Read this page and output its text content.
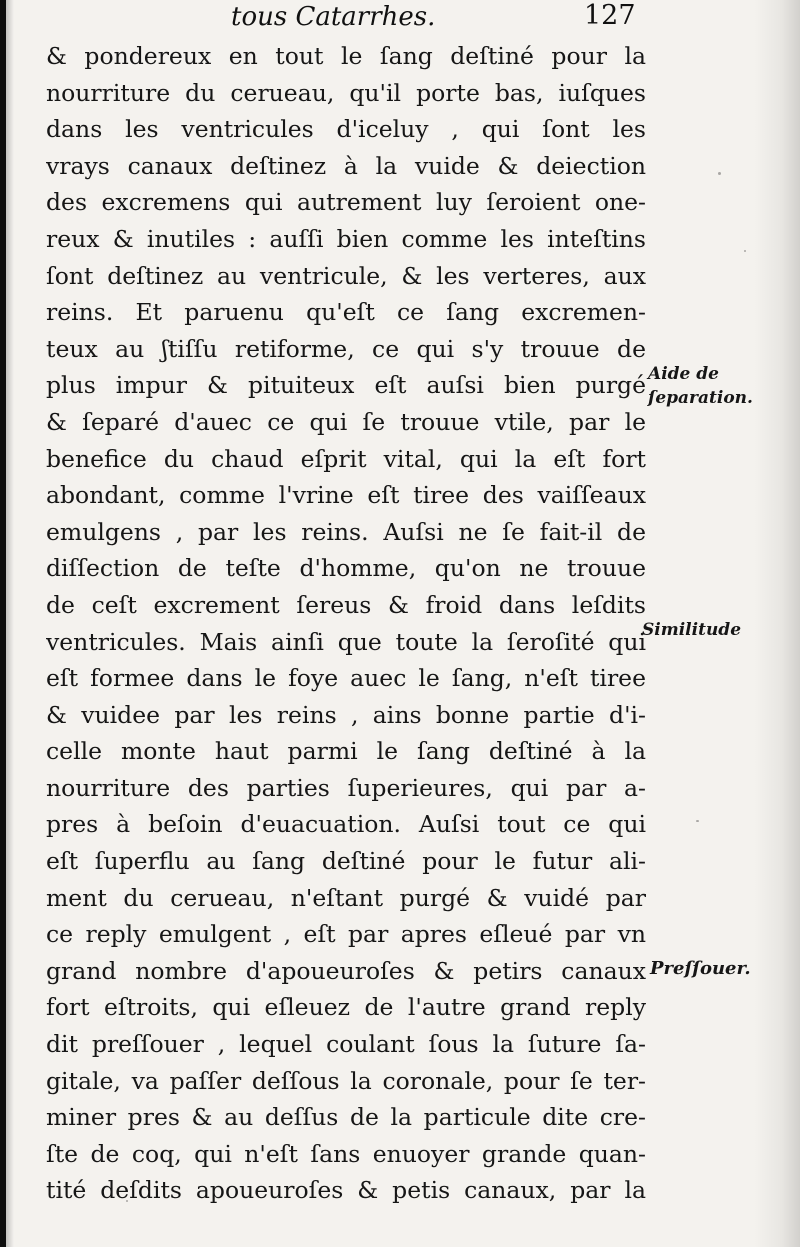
tous Catarrhes.	127
& pondereux en tout le ſang deſtiné pour la
nourriture du cerueau, qu'il porte bas, iuſques
dans les ventricules d'iceluy , qui ſont les
vrays canaux deſtinez à la vuide & deiection
des excremens qui autrement luy ſeroient one-
reux & inutiles : auſſi bien comme les inteſtins
ſont deſtinez au ventricule, & les verteres, aux
reins. Et paruenu qu'eſt ce ſang excremen-
teux au ʃtiſſu retiforme, ce qui s'y trouue de
plus impur & pituiteux eſt auſsi bien purgé
& ſeparé d'auec ce qui ſe trouue vtile, par le
benefice du chaud eſprit vital, qui la eſt fort
abondant, comme l'vrine eſt tiree des vaiſſeaux
emulgens , par les reins. Auſsi ne ſe fait-il de
diſſection de teſte d'homme, qu'on ne trouue
de ceſt excrement ſereus & froid dans leſdits
ventricules. Mais ainſi que toute la ſeroſité qui
eſt formee dans le foye auec le ſang, n'eſt tiree
& vuidee par les reins , ains bonne partie d'i-
celle monte haut parmi le ſang deſtiné à la
nourriture des parties ſuperieures, qui par a-
pres à beſoin d'euacuation. Auſsi tout ce qui
eſt ſuperflu au ſang deſtiné pour le futur ali-
ment du cerueau, n'eſtant purgé & vuidé par
ce reply emulgent , eſt par apres eſleué par vn
grand nombre d'apoueuroſes & petirs canaux
fort eſtroits, qui eſleuez de l'autre grand reply
dit preſſouer , lequel coulant ſous la ſuture ſa-
gitale, va paſſer deſſous la coronale, pour ſe ter-
miner pres & au deſſus de la particule dite cre-
ſte de coq, qui n'eſt ſans enuoyer grande quan-
tité deſdits apoueuroſes & petis canaux, par la
Aide de
ſeparation.
Similitude
Preſſouer.
